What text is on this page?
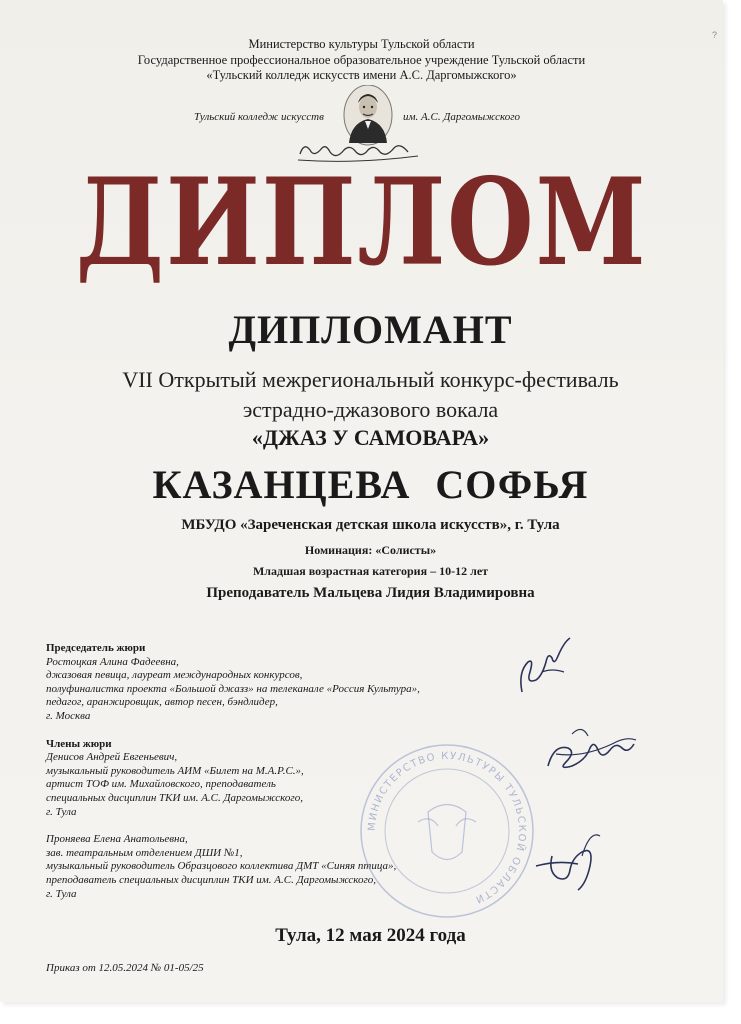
?
Министерство культуры Тульской области
Государственное профессиональное образовательное учреждение Тульской области
«Тульский колледж искусств имени А.С. Даргомыжского»
Тульский колледж искусств	им. А.С. Даргомыжского
ДИПЛОМ
ДИПЛОМАНТ
VII Открытый межрегиональный конкурс-фестиваль
эстрадно-джазового вокала
«ДЖАЗ У САМОВАРА»
КАЗАНЦЕВА СОФЬЯ
МБУДО «Зареченская детская школа искусств», г. Тула
Номинация: «Солисты»
Младшая возрастная категория – 10-12 лет
Преподаватель Мальцева Лидия Владимировна
Председатель жюри
Ростоцкая Алина Фадеевна,
джазовая певица, лауреат международных конкурсов,
полуфиналистка проекта «Большой джазз» на телеканале «Россия Культура»,
педагог, аранжировщик, автор песен, бэндлидер,
г. Москва
Члены жюри
Денисов Андрей Евгеньевич,
музыкальный руководитель АИМ «Билет на М.А.Р.С.»,
артист ТОФ им. Михайловского, преподаватель
специальных дисциплин ТКИ им. А.С. Даргомыжского,
г. Тула
Проняева Елена Анатольевна,
зав. театральным отделением ДШИ №1,
музыкальный руководитель Образцового коллектива ДМТ «Синяя птица»,
преподаватель специальных дисциплин ТКИ им. А.С. Даргомыжского,
г. Тула
МИНИСТЕРСТВО КУЛЬТУРЫ ТУЛЬСКОЙ ОБЛАСТИ
Тула, 12 мая 2024 года
Приказ от 12.05.2024 № 01-05/25
